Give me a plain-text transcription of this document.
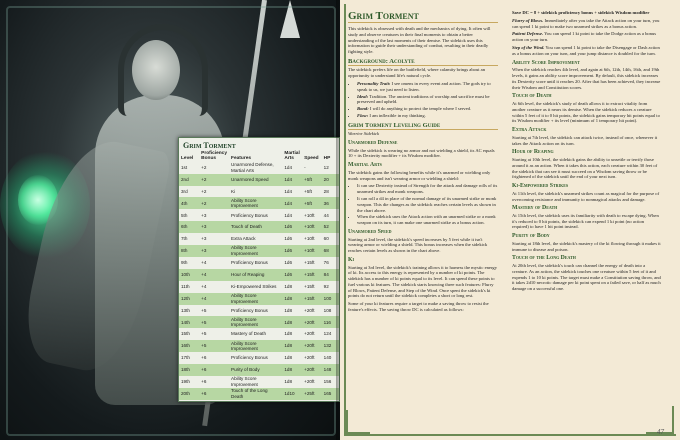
Grim Torment
Level	Proficiency Bonus	Features	Martial Arts	Speed	HP
1st	+2	Unarmored Defense, Martial Arts	1d4	-	12
2nd	+2	Unarmored Speed	1d4	+5ft	20
3rd	+2	Ki	1d4	+5ft	28
4th	+2	Ability Score Improvement	1d4	+5ft	36
5th	+3	Proficiency Bonus	1d4	+10ft	44
6th	+3	Touch of Death	1d6	+10ft	52
7th	+3	Extra Attack	1d6	+10ft	60
8th	+3	Ability Score Improvement	1d6	+10ft	68
9th	+4	Proficiency Bonus	1d6	+15ft	76
10th	+4	Hour of Reaping	1d6	+15ft	84
11th	+4	Ki-Empowered Strikes	1d8	+15ft	92
12th	+4	Ability Score Improvement	1d8	+15ft	100
13th	+5	Proficiency Bonus	1d8	+20ft	108
14th	+5	Ability Score Improvement	1d8	+20ft	116
15th	+5	Mastery of Death	1d8	+20ft	124
16th	+5	Ability Score Improvement	1d8	+20ft	132
17th	+6	Proficiency Bonus	1d8	+20ft	140
18th	+6	Purity of Body	1d8	+20ft	148
19th	+6	Ability Score Improvement	1d8	+20ft	156
20th	+6	Touch of the Long Death	1d10	+25ft	165
Grim Torment

This sidekick is obsessed with death and the mechanics of dying. It often will study and observe creatures in their final moments to obtain a better understanding of the last moments of their demise. The sidekick uses this information to guide their understanding of combat, resulting in their deadly fighting style.

Background: Acolyte

The sidekick prefers life on the battlefield, where calamity brings about an opportunity to understand life's natural cycle.

• Personality Trait: I see omens in every event and action. The gods try to speak to us, we just need to listen.
• Ideal: Tradition. The ancient traditions of worship and sacrifice must be preserved and upheld.
• Bond: I will do anything to protect the temple where I served.
• Flaw: I am inflexible in my thinking.
Grim Torment Leveling Guide

Warrior Sidekick

Unarmored Defense

While the sidekick is wearing no armor and not wielding a shield, its AC equals 10 + its Dexterity modifier + its Wisdom modifier.

Martial Arts

The sidekick gains the following benefits while it's unarmed or wielding only monk weapons and isn't wearing armor or wielding a shield:

• It can use Dexterity instead of Strength for the attack and damage rolls of its unarmed strikes and monk weapons.
• It can roll a d4 in place of the normal damage of its unarmed strike or monk weapon. This die changes as the sidekick reaches certain levels as shown in the chart above.
• When the sidekick uses the Attack action with an unarmed strike or a monk weapon on its turn, it can make one unarmed strike as a bonus action.
Unarmored Speed

Starting at 2nd level, the sidekick's speed increases by 5 feet while it isn't wearing armor or wielding a shield. This bonus increases when the sidekick reaches certain levels as shown in the chart above.

Ki

Starting at 3rd level, the sidekick's training allows it to harness the mystic energy of ki. Its access to this energy is represented by a number of ki points. The sidekick has a number of ki points equal to its level. It can spend these points to fuel various ki features. The sidekick starts knowing three such features: Flurry of Blows, Patient Defense, and Step of the Wind. Once spent the sidekick's ki points do not return until the sidekick completes a short or long rest.

Some of your ki features require a target to make a saving throw to resist the feature's effects. The saving throw DC is calculated as follows:

Save DC = 8 + sidekick proficiency bonus + sidekick Wisdom modifier

Flurry of Blows. Immediately after you take the Attack action on your turn, you can spend 1 ki point to make two unarmed strikes as a bonus action.

Patient Defense. You can spend 1 ki point to take the Dodge action as a bonus action on your turn.

Step of the Wind. You can spend 1 ki point to take the Disengage or Dash action as a bonus action on your turn, and your jump distance is doubled for the turn.

Ability Score Improvement

When the sidekick reaches 4th level, and again at 6th, 12th, 14th, 16th, and 19th levels, it gains an ability score improvement. By default, this sidekick increases its Dexterity score until it reaches 20. After that has been achieved, they increase their Wisdom and Constitution scores.

Touch of Death

At 6th level, the sidekick's study of death allows it to extract vitality from another creature as it nears its demise. When the sidekick reduces a creature within 5 feet of it to 0 hit points, the sidekick gains temporary hit points equal to its Wisdom modifier + its level (minimum of 1 temporary hit point).

Extra Attack

Starting at 7th level, the sidekick can attack twice, instead of once, whenever it takes the Attack action on its turn.

Hour of Reaping

Starting at 10th level, the sidekick gains the ability to unsettle or terrify those around it as an action. When it takes this action, each creature within 30 feet of the sidekick that can see it must succeed on a Wisdom saving throw or be frightened of the sidekick until the end of your next turn.

Ki-Empowered Strikes

At 11th level, the sidekick's unarmed strikes count as magical for the purpose of overcoming resistance and immunity to nonmagical attacks and damage.

Mastery of Death

At 15th level, the sidekick uses its familiarity with death to escape dying. When it's reduced to 0 hit points, the sidekick can expend 1 ki point (no action required) to have 1 hit point instead.

Purity of Body

Starting at 18th level, the sidekick's mastery of the ki flowing through it makes it immune to disease and poison.

Touch of the Long Death

At 20th level, the sidekick's touch can channel the energy of death into a creature. As an action, the sidekick touches one creature within 5 feet of it and expends 1 to 10 ki points. The target must make a Constitution saving throw, and it takes 2d10 necrotic damage per ki point spent on a failed save, or half as much damage on a successful one.

47
